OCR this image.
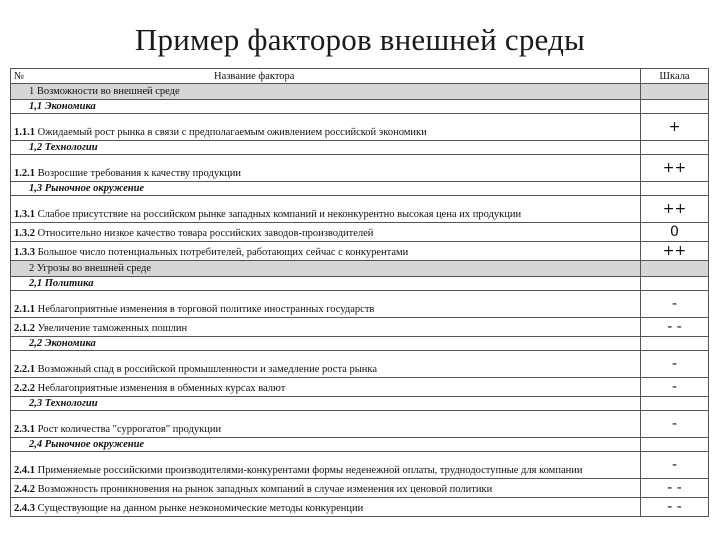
Пример факторов внешней среды
№ Название фактора	Шкала
1 Возможности во внешней среде	
1,1 Экономика	
1.1.1 Ожидаемый рост рынка в связи с предполагаемым оживлением российской экономики	+
1,2 Технологии	
1.2.1 Возросшие требования к качеству продукции	++
1,3 Рыночное окружение	
1.3.1 Слабое присутствие на российском рынке западных компаний и неконкурентно высокая цена их продукции	++
1.3.2 Относительно низкое качество товара российских заводов-производителей	0
1.3.3 Большое число потенциальных потребителей, работающих сейчас с конкурентами	++
2 Угрозы во внешней среде	
2,1 Политика	
2.1.1 Неблагоприятные изменения в торговой политике иностранных государств	-
2.1.2 Увеличение таможенных пошлин	- -
2,2 Экономика	
2.2.1 Возможный спад в российской промышленности и замедление роста рынка	-
2.2.2 Неблагоприятные изменения в обменных курсах валют	-
2,3 Технологии	
2.3.1 Рост количества "суррогатов" продукции	-
2,4 Рыночное окружение	
2.4.1 Применяемые российскими производителями-конкурентами формы неденежной оплаты, труднодоступные для компании	-
2.4.2 Возможность проникновения на рынок западных компаний в случае изменения их ценовой политики	- -
2.4.3 Существующие на данном рынке неэкономические методы конкуренции	- -
